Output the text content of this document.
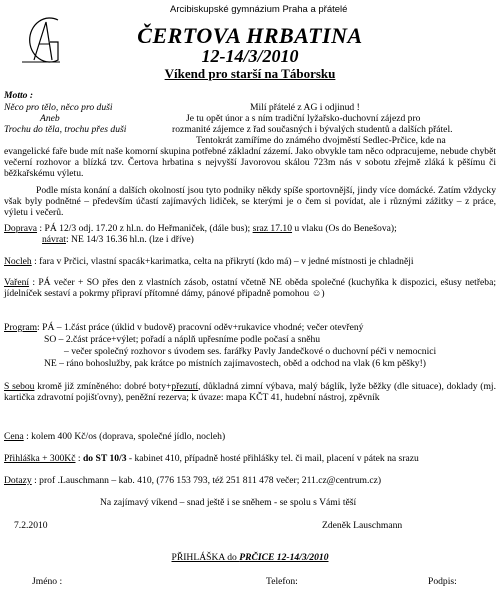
Arcibiskupské gymnázium Praha a přátelé
ČERTOVA HRBATINA
12-14/3/2010
Víkend pro starší na Táborsku
Motto :
Něco pro tělo, něco pro duši
Aneb
Trochu do těla, trochu přes duši
Milí přátelé z AG i odjinud !
Je tu opět únor a s ním tradiční lyžařsko-duchovní zájezd pro
rozmanité zájemce z řad současných i bývalých studentů a dalších přátel.
Tentokrát zamíříme do známého dvojměstí Sedlec-Prčice, kde na
evangelické faře bude mít naše komorní skupina potřebné základní zázemí. Jako obvykle tam něco odpracujeme, nebude chybět večerní rozhovor a blízká tzv. Čertova hrbatina s nejvyšší Javorovou skálou 723m nás v sobotu zřejmě zláká k pěšímu či běžkařskému výletu.
Podle místa konání a dalších okolností jsou tyto podniky někdy spíše sportovnější, jindy více domácké. Zatím vždycky však byly podnětné – především účastí zajímavých lidiček, se kterými je o čem si povídat, ale i různými zážitky – z práce, výletu i večerů.
Doprava : PÁ 12/3 odj. 17.20 z hl.n. do Heřmaniček, (dále bus); sraz 17.10 u vlaku (Os do Benešova);
návrat: NE 14/3 16.36 hl.n. (lze i dříve)
Nocleh : fara v Prčici, vlastní spacák+karimatka, celta na přikrytí (kdo má) – v jedné místnosti je chladněji
Vaření : PÁ večer + SO přes den z vlastních zásob, ostatní včetně NE oběda společné (kuchyňka k dispozici, ešusy netřeba; jídelníček sestaví a pokrmy připraví přítomné dámy, pánové připadně pomohou ☺)
Program: PÁ – 1.část práce (úklid v budově) pracovní oděv+rukavice vhodné; večer otevřený
SO – 2.část práce+výlet; pořadí a náplň upřesníme podle počasí a sněhu
– večer společný rozhovor s úvodem ses. farářky Pavly Jandečkové o duchovní péči v nemocnici
NE – ráno bohoslužby, pak krátce po místních zajímavostech, oběd a odchod na vlak (6 km pěšky!)
S sebou kromě již zmíněného: dobré boty+přezutí, důkladná zimní výbava, malý báglík, lyže běžky (dle situace), doklady (mj. kartička zdravotní pojišťovny), peněžní rezerva; k úvaze: mapa KČT 41, hudební nástroj, zpěvník
Cena : kolem 400 Kč/os (doprava, společné jídlo, nocleh)
Přihláška + 300Kč : do ST 10/3 - kabinet 410, případně hosté přihlášky tel. či mail, placení v pátek na srazu
Dotazy : prof .Lauschmann – kab. 410, (776 153 793, též 251 811 478 večer; 211.cz@centrum.cz)
Na zajímavý víkend – snad ještě i se sněhem - se spolu s Vámi těší
7.2.2010	Zdeněk Lauschmann
PŘIHLÁŠKA do PRČICE 12-14/3/2010
Jméno :	Telefon:	Podpis:
